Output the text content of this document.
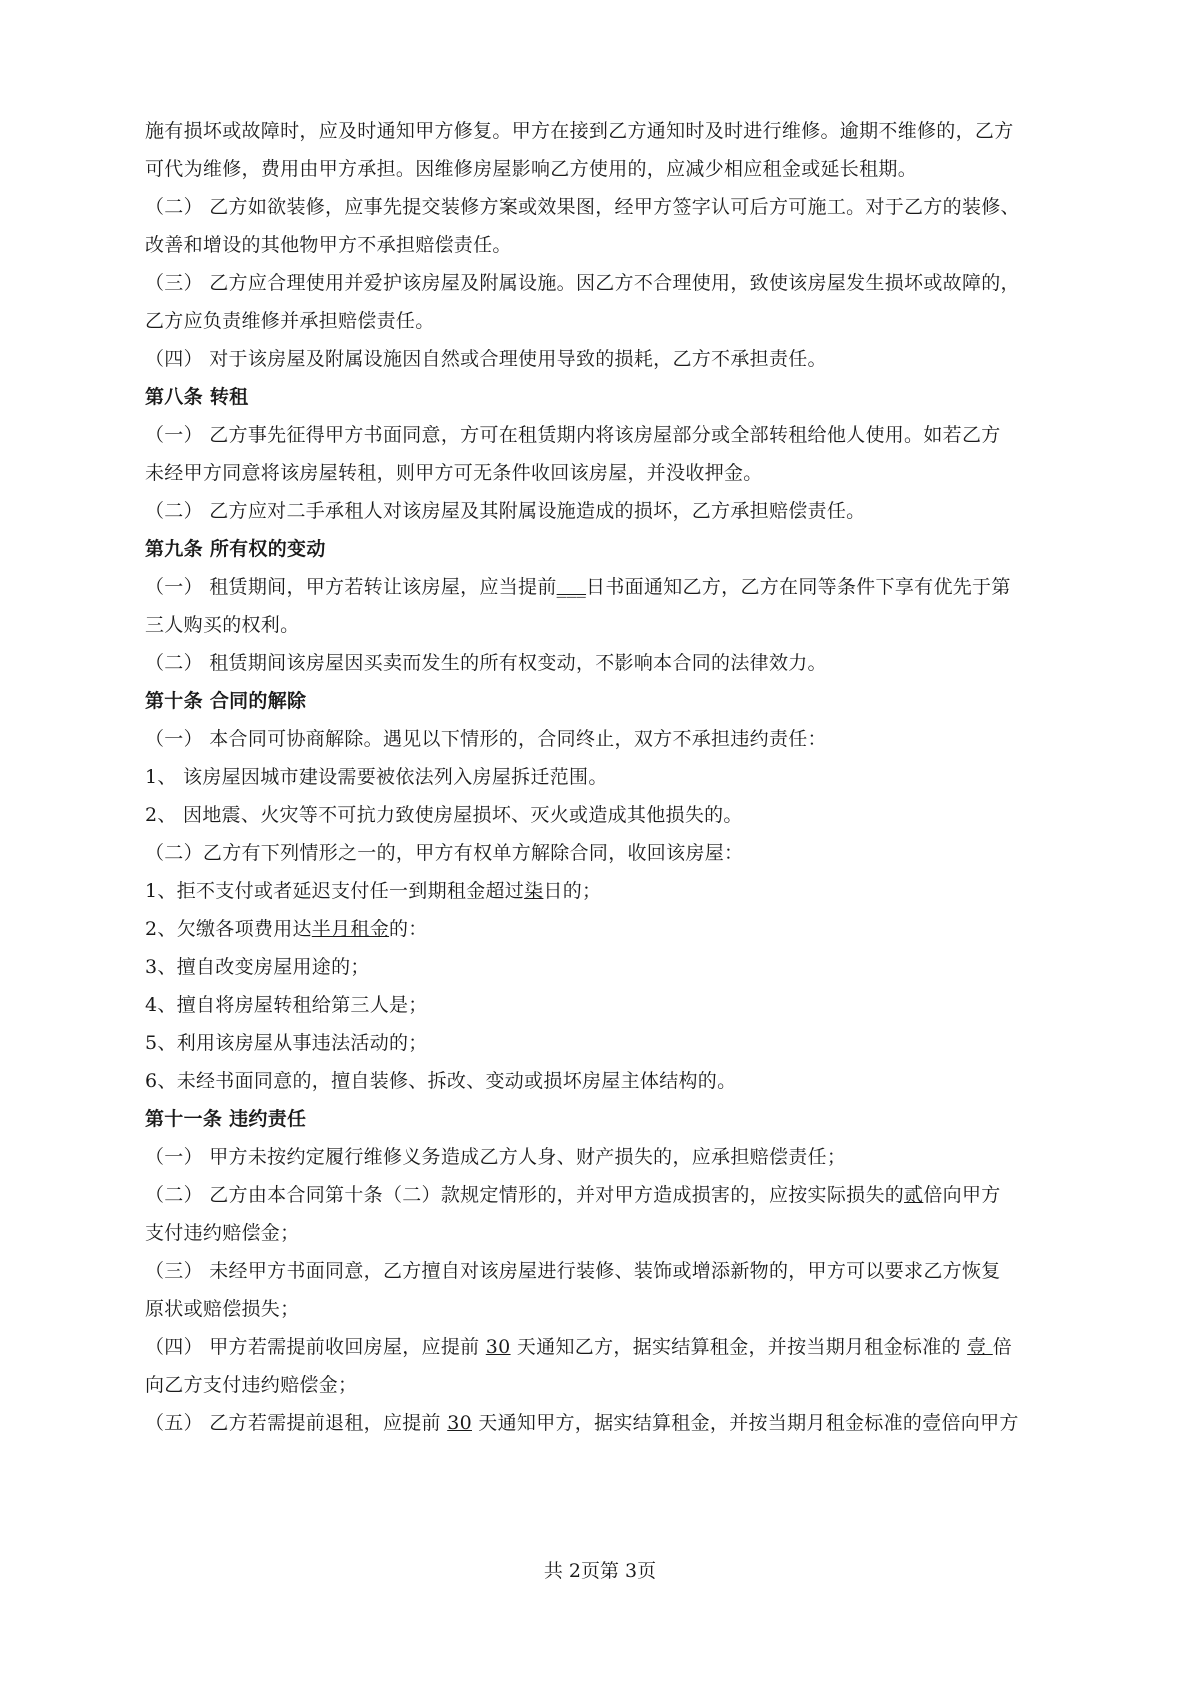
施有损坏或故障时，应及时通知甲方修复。甲方在接到乙方通知时及时进行维修。逾期不维修的，乙方
可代为维修，费用由甲方承担。因维修房屋影响乙方使用的，应减少相应租金或延长租期。
（二） 乙方如欲装修，应事先提交装修方案或效果图，经甲方签字认可后方可施工。对于乙方的装修、
改善和增设的其他物甲方不承担赔偿责任。
（三） 乙方应合理使用并爱护该房屋及附属设施。因乙方不合理使用，致使该房屋发生损坏或故障的，
乙方应负责维修并承担赔偿责任。
（四） 对于该房屋及附属设施因自然或合理使用导致的损耗，乙方不承担责任。
第八条 转租
（一） 乙方事先征得甲方书面同意，方可在租赁期内将该房屋部分或全部转租给他人使用。如若乙方
未经甲方同意将该房屋转租，则甲方可无条件收回该房屋，并没收押金。
（二） 乙方应对二手承租人对该房屋及其附属设施造成的损坏，乙方承担赔偿责任。
第九条 所有权的变动
（一） 租赁期间，甲方若转让该房屋，应当提前___日书面通知乙方，乙方在同等条件下享有优先于第
三人购买的权利。
（二） 租赁期间该房屋因买卖而发生的所有权变动，不影响本合同的法律效力。
第十条 合同的解除
（一） 本合同可协商解除。遇见以下情形的，合同终止，双方不承担违约责任：
1、 该房屋因城市建设需要被依法列入房屋拆迁范围。
2、 因地震、火灾等不可抗力致使房屋损坏、灭火或造成其他损失的。
（二）乙方有下列情形之一的，甲方有权单方解除合同，收回该房屋：
1、拒不支付或者延迟支付任一到期租金超过柒日的；
2、欠缴各项费用达半月租金的：
3、擅自改变房屋用途的；
4、擅自将房屋转租给第三人是；
5、利用该房屋从事违法活动的；
6、未经书面同意的，擅自装修、拆改、变动或损坏房屋主体结构的。
第十一条 违约责任
（一） 甲方未按约定履行维修义务造成乙方人身、财产损失的，应承担赔偿责任；
（二） 乙方由本合同第十条（二）款规定情形的，并对甲方造成损害的，应按实际损失的贰倍向甲方
支付违约赔偿金；
（三） 未经甲方书面同意，乙方擅自对该房屋进行装修、装饰或增添新物的，甲方可以要求乙方恢复
原状或赔偿损失；
（四） 甲方若需提前收回房屋，应提前 30 天通知乙方，据实结算租金，并按当期月租金标准的 壹 倍
向乙方支付违约赔偿金；
（五） 乙方若需提前退租，应提前 30 天通知甲方，据实结算租金，并按当期月租金标准的壹倍向甲方
共 2页第 3页
